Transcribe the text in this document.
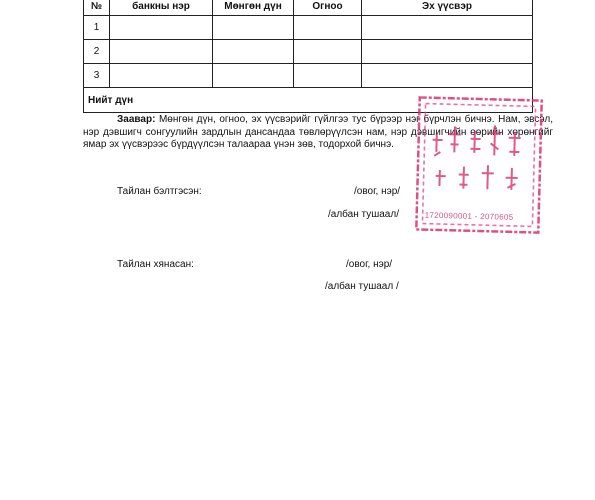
№	банкны нэр	Мөнгөн дүн	Огноо	Эх үүсвэр
1				
2				
3				
Нийт дүн				

Заавар: Мөнгөн дүн, огноо, эх үүсвэрийг гүйлгээ тус бүрээр нэг бүрчлэн бичнэ. Нам, эвсэл, нэр дэвшигч сонгуулийн зардлын дансандаа төвлөрүүлсэн нам, нэр дэвшигчийн өөрийн хөрөнгийг ямар эх үүсвэрээс бүрдүүлсэн талаараа үнэн зөв, тодорхой бичнэ.

Тайлан бэлтгэсэн:	/овог, нэр/
/албан тушаал/
Тайлан хянасан:	/овог, нэр/
/албан тушаал /
1720090001 - 2070605
